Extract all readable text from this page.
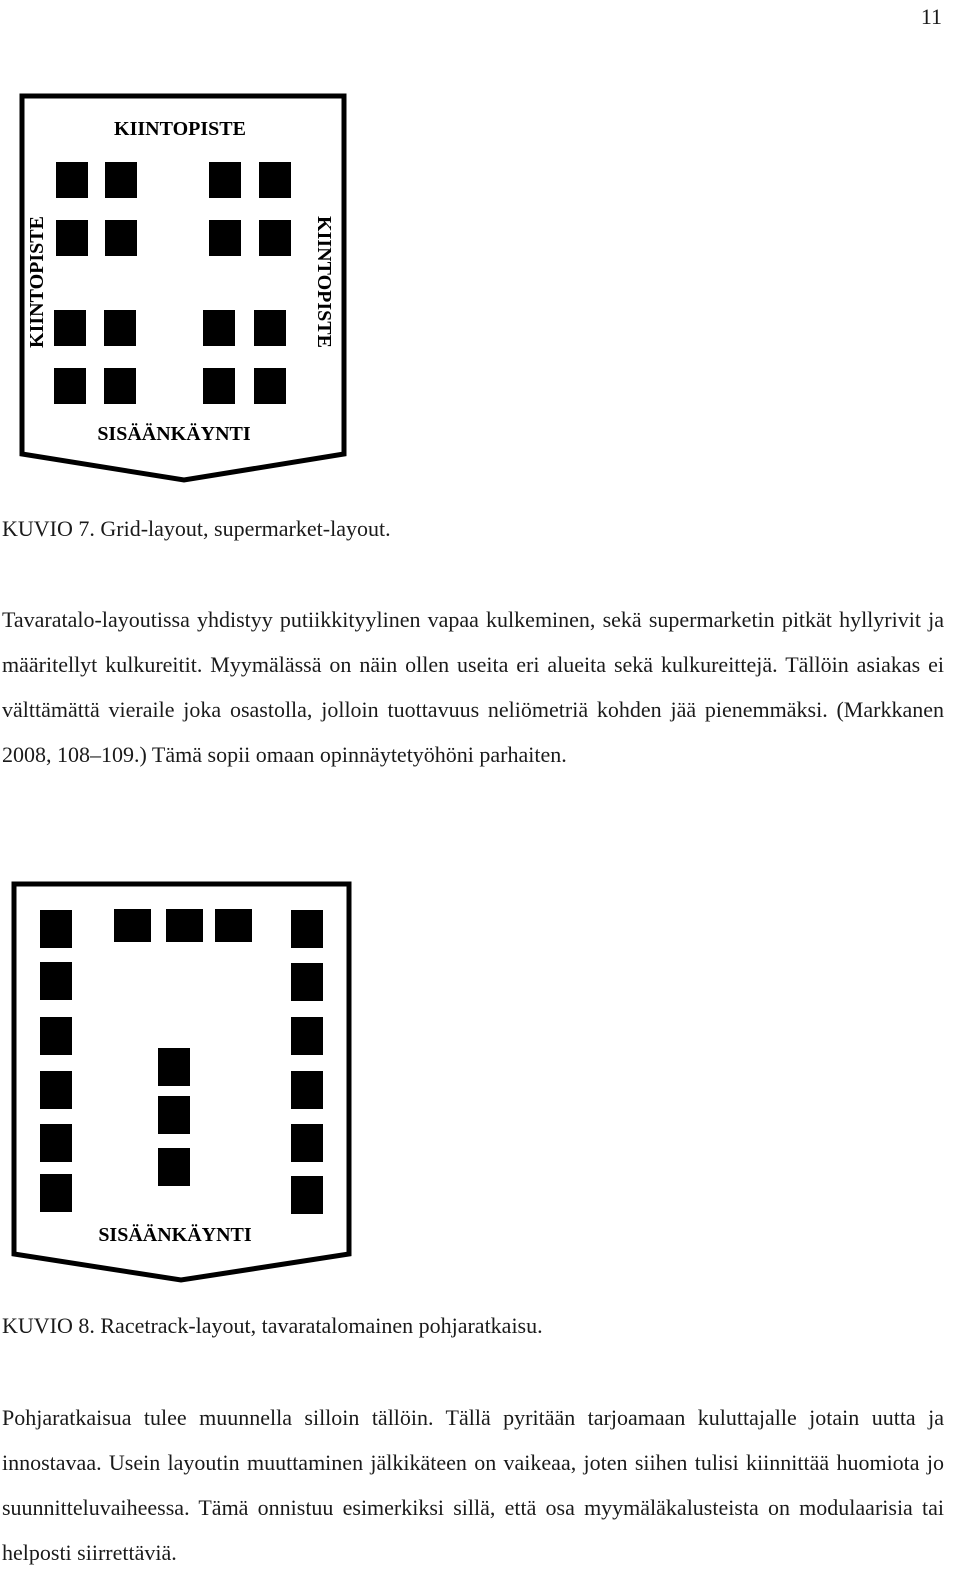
11
KIINTOPISTE
KIINTOPISTE	KIINTOPISTE
SISÄÄNKÄYNTI
KUVIO 7. Grid-layout, supermarket-layout.

Tavaratalo-layoutissa yhdistyy putiikkityylinen vapaa kulkeminen, sekä supermarketin pitkät hyllyrivit ja määritellyt kulkureitit. Myymälässä on näin ollen useita eri alueita sekä kulkureittejä. Tällöin asiakas ei välttämättä vieraile joka osastolla, jolloin tuottavuus neliömetriä kohden jää pienemmäksi. (Markkanen 2008, 108–109.) Tämä sopii omaan opinnäytetyöhöni parhaiten.

SISÄÄNKÄYNTI
KUVIO 8. Racetrack-layout, tavaratalomainen pohjaratkaisu.

Pohjaratkaisua tulee muunnella silloin tällöin. Tällä pyritään tarjoamaan kuluttajalle jotain uutta ja innostavaa. Usein layoutin muuttaminen jälkikäteen on vaikeaa, joten siihen tulisi kiinnittää huomiota jo suunnitteluvaiheessa. Tämä onnistuu esimerkiksi sillä, että osa myymäläkalusteista on modulaarisia tai helposti siirrettäviä.
